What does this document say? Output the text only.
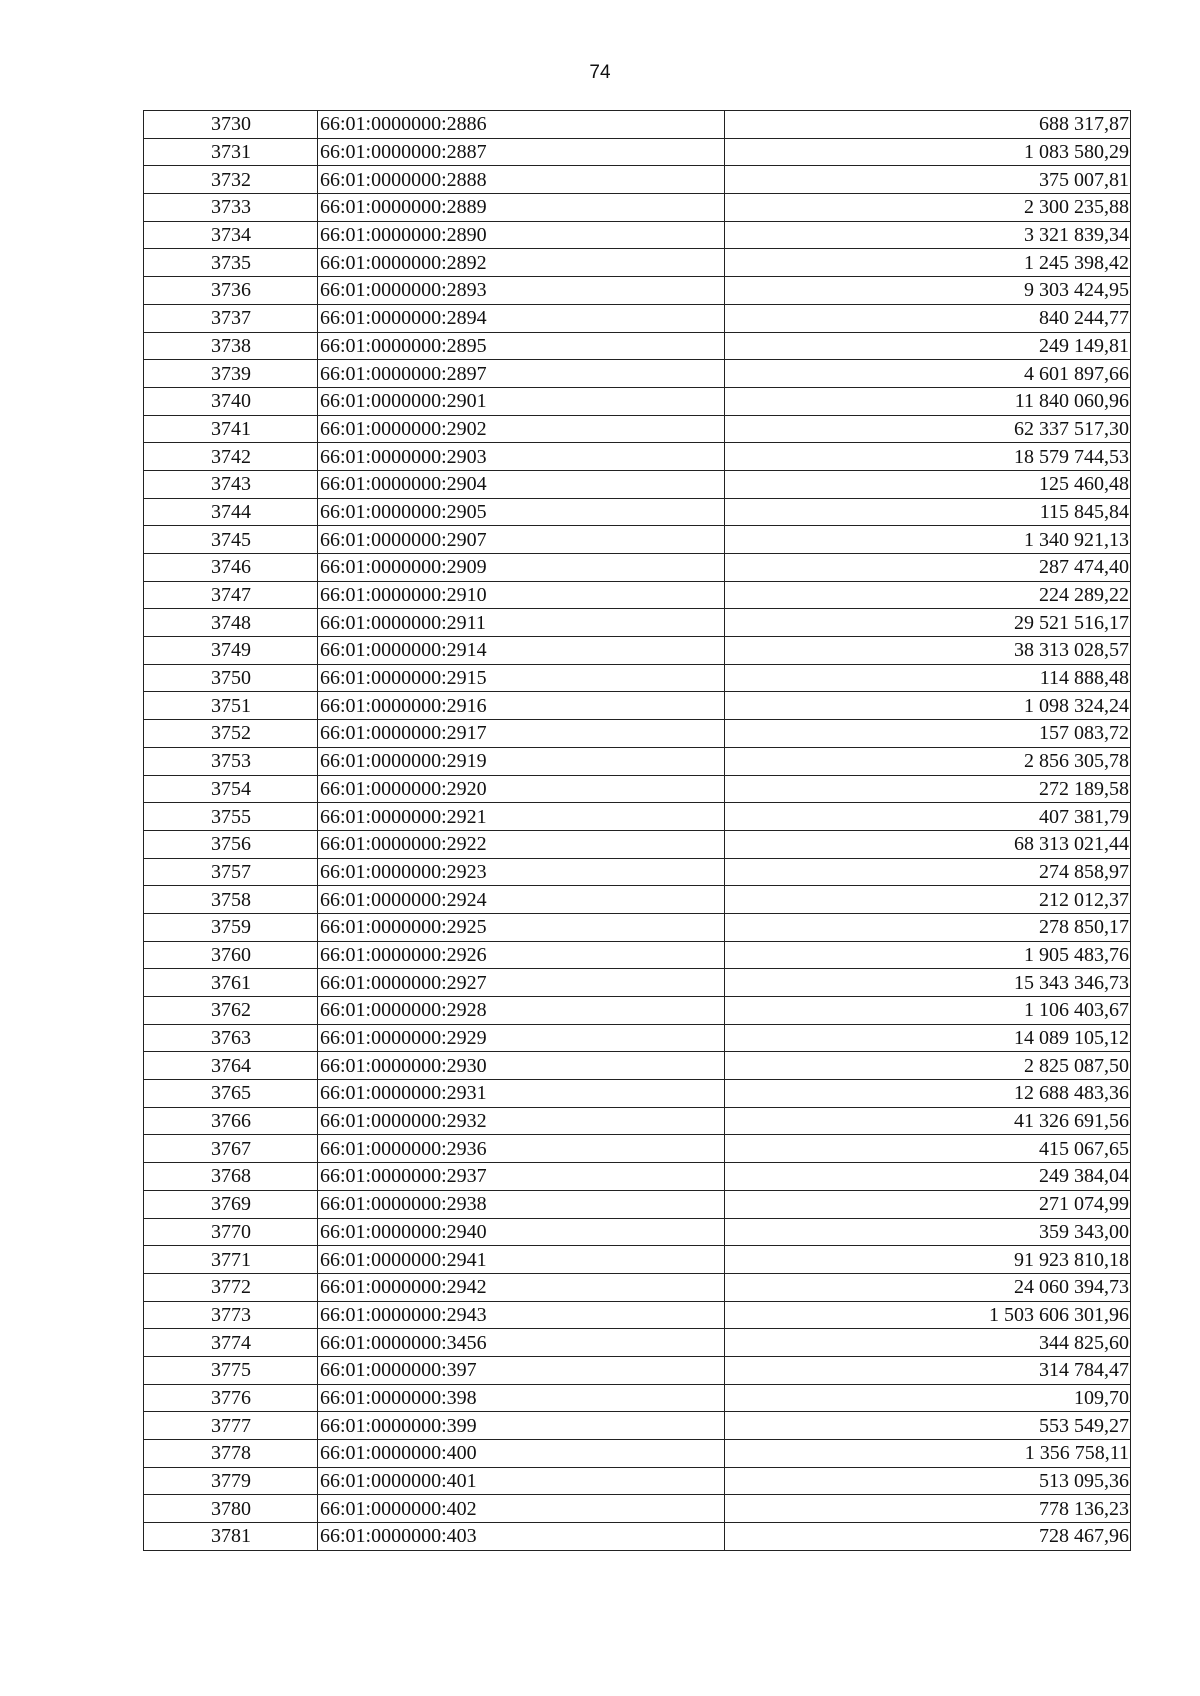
74
3730	66:01:0000000:2886	688 317,87
3731	66:01:0000000:2887	1 083 580,29
3732	66:01:0000000:2888	375 007,81
3733	66:01:0000000:2889	2 300 235,88
3734	66:01:0000000:2890	3 321 839,34
3735	66:01:0000000:2892	1 245 398,42
3736	66:01:0000000:2893	9 303 424,95
3737	66:01:0000000:2894	840 244,77
3738	66:01:0000000:2895	249 149,81
3739	66:01:0000000:2897	4 601 897,66
3740	66:01:0000000:2901	11 840 060,96
3741	66:01:0000000:2902	62 337 517,30
3742	66:01:0000000:2903	18 579 744,53
3743	66:01:0000000:2904	125 460,48
3744	66:01:0000000:2905	115 845,84
3745	66:01:0000000:2907	1 340 921,13
3746	66:01:0000000:2909	287 474,40
3747	66:01:0000000:2910	224 289,22
3748	66:01:0000000:2911	29 521 516,17
3749	66:01:0000000:2914	38 313 028,57
3750	66:01:0000000:2915	114 888,48
3751	66:01:0000000:2916	1 098 324,24
3752	66:01:0000000:2917	157 083,72
3753	66:01:0000000:2919	2 856 305,78
3754	66:01:0000000:2920	272 189,58
3755	66:01:0000000:2921	407 381,79
3756	66:01:0000000:2922	68 313 021,44
3757	66:01:0000000:2923	274 858,97
3758	66:01:0000000:2924	212 012,37
3759	66:01:0000000:2925	278 850,17
3760	66:01:0000000:2926	1 905 483,76
3761	66:01:0000000:2927	15 343 346,73
3762	66:01:0000000:2928	1 106 403,67
3763	66:01:0000000:2929	14 089 105,12
3764	66:01:0000000:2930	2 825 087,50
3765	66:01:0000000:2931	12 688 483,36
3766	66:01:0000000:2932	41 326 691,56
3767	66:01:0000000:2936	415 067,65
3768	66:01:0000000:2937	249 384,04
3769	66:01:0000000:2938	271 074,99
3770	66:01:0000000:2940	359 343,00
3771	66:01:0000000:2941	91 923 810,18
3772	66:01:0000000:2942	24 060 394,73
3773	66:01:0000000:2943	1 503 606 301,96
3774	66:01:0000000:3456	344 825,60
3775	66:01:0000000:397	314 784,47
3776	66:01:0000000:398	109,70
3777	66:01:0000000:399	553 549,27
3778	66:01:0000000:400	1 356 758,11
3779	66:01:0000000:401	513 095,36
3780	66:01:0000000:402	778 136,23
3781	66:01:0000000:403	728 467,96
